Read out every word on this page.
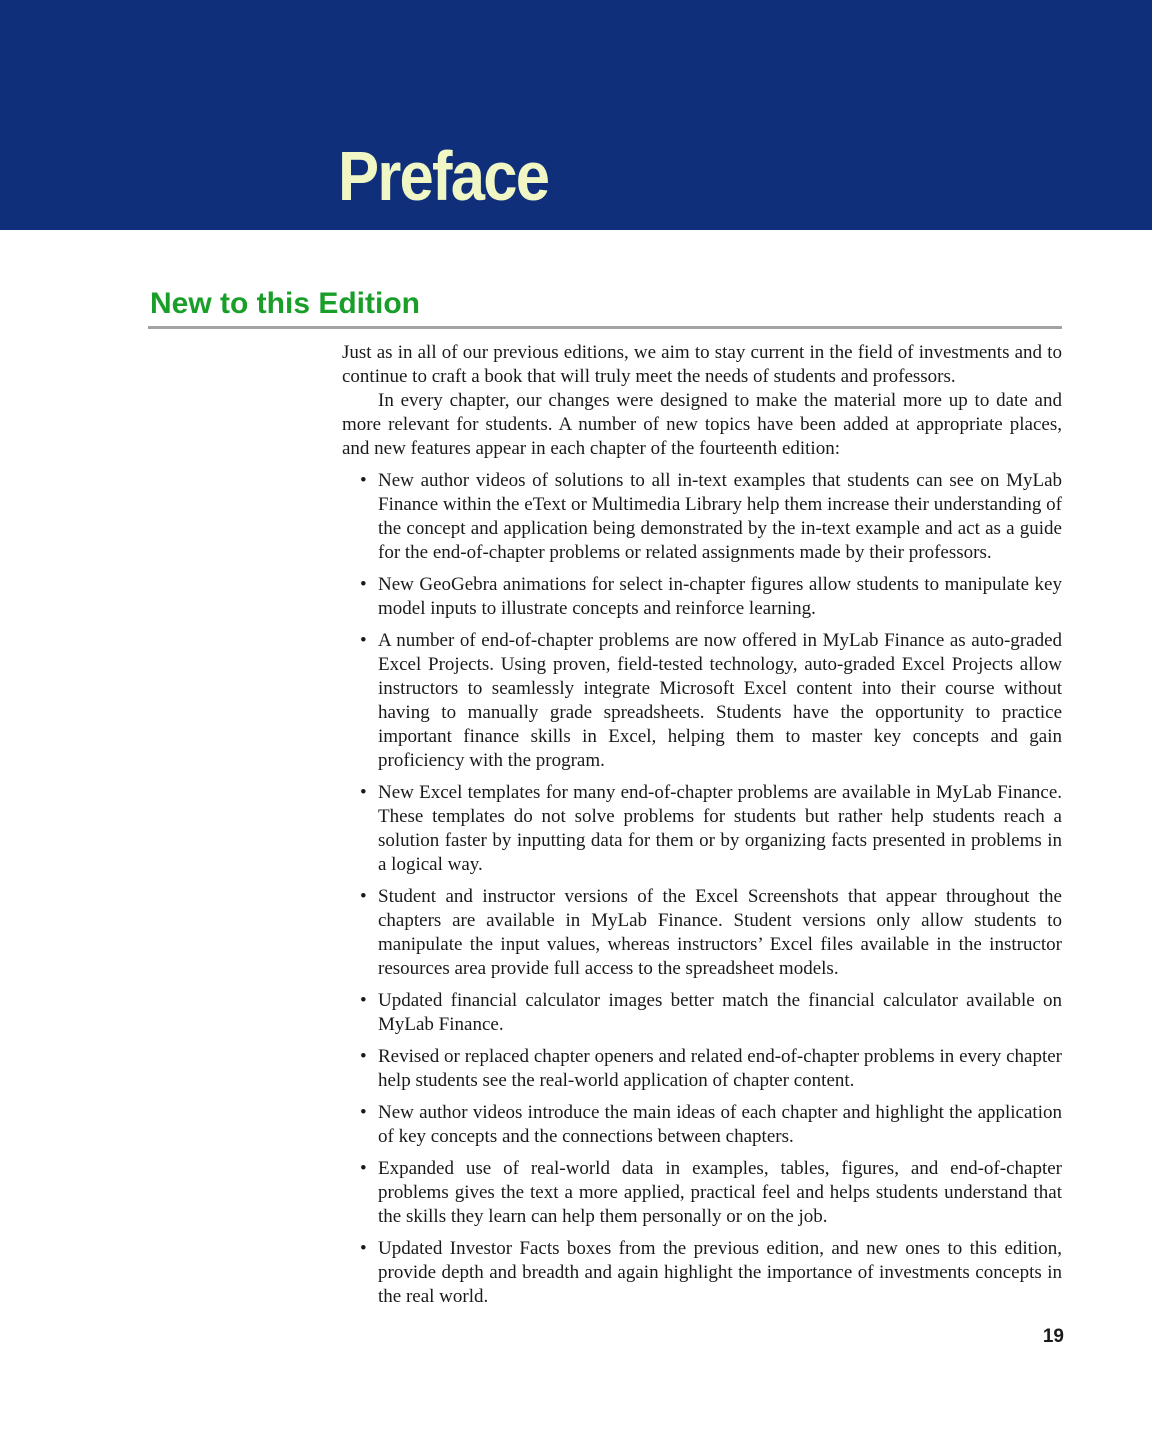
Preface
New to this Edition

Just as in all of our previous editions, we aim to stay current in the field of investments and to continue to craft a book that will truly meet the needs of students and professors.

In every chapter, our changes were designed to make the material more up to date and more relevant for students. A number of new topics have been added at appropriate places, and new features appear in each chapter of the fourteenth edition:

• New author videos of solutions to all in-text examples that students can see on MyLab Finance within the eText or Multimedia Library help them increase their understanding of the concept and application being demonstrated by the in-text example and act as a guide for the end-of-chapter problems or related assignments made by their professors.
• New GeoGebra animations for select in-chapter figures allow students to manipulate key model inputs to illustrate concepts and reinforce learning.
• A number of end-of-chapter problems are now offered in MyLab Finance as auto-graded Excel Projects. Using proven, field-tested technology, auto-graded Excel Projects allow instructors to seamlessly integrate Microsoft Excel content into their course without having to manually grade spreadsheets. Students have the opportunity to practice important finance skills in Excel, helping them to master key concepts and gain proficiency with the program.
• New Excel templates for many end-of-chapter problems are available in MyLab Finance. These templates do not solve problems for students but rather help students reach a solution faster by inputting data for them or by organizing facts presented in problems in a logical way.
• Student and instructor versions of the Excel Screenshots that appear throughout the chapters are available in MyLab Finance. Student versions only allow students to manipulate the input values, whereas instructors’ Excel files available in the instructor resources area provide full access to the spreadsheet models.
• Updated financial calculator images better match the financial calculator available on MyLab Finance.
• Revised or replaced chapter openers and related end-of-chapter problems in every chapter help students see the real-world application of chapter content.
• New author videos introduce the main ideas of each chapter and highlight the application of key concepts and the connections between chapters.
• Expanded use of real-world data in examples, tables, figures, and end-of-chapter problems gives the text a more applied, practical feel and helps students understand that the skills they learn can help them personally or on the job.
• Updated Investor Facts boxes from the previous edition, and new ones to this edition, provide depth and breadth and again highlight the importance of investments concepts in the real world.
19
